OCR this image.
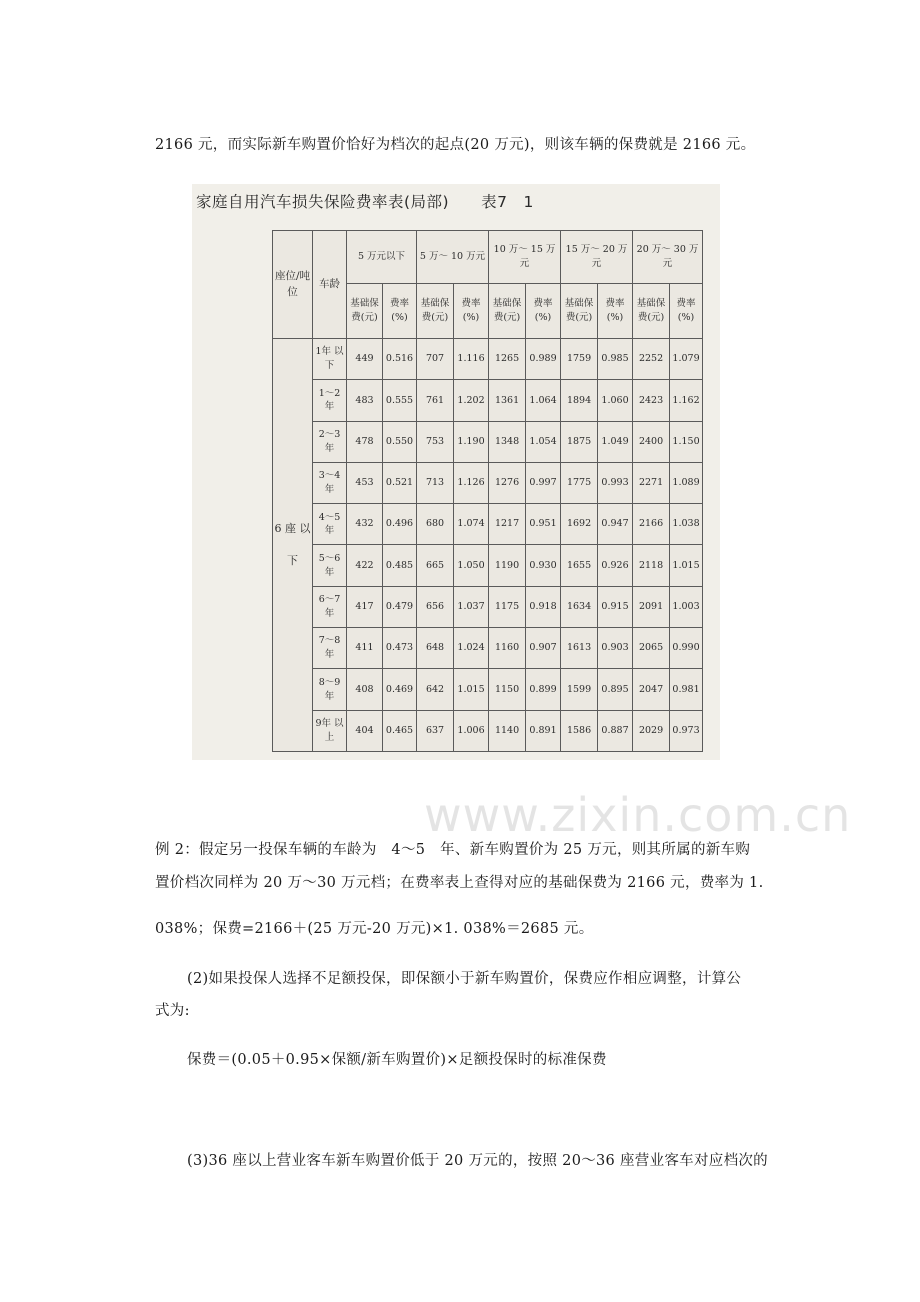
2166 元，而实际新车购置价恰好为档次的起点(20 万元)，则该车辆的保费就是 2166 元。
家庭自用汽车损失保险费率表(局部) 表7　1
座位/吨位	车龄	5 万元以下		5 万～ 10 万元		10 万～ 15 万元		15 万～ 20 万元		20 万～ 30 万元	
		基础保 费(元)	费率 (%)	基础保 费(元)	费率 (%)	基础保 费(元)	费率 (%)	基础保 费(元)	费率 (%)	基础保 费(元)	费率 (%)
6 座 以 下	1年 以下	449	0.516	707	1.116	1265	0.989	1759	0.985	2252	1.079
	1～2 年	483	0.555	761	1.202	1361	1.064	1894	1.060	2423	1.162
	2～3 年	478	0.550	753	1.190	1348	1.054	1875	1.049	2400	1.150
	3～4 年	453	0.521	713	1.126	1276	0.997	1775	0.993	2271	1.089
	4～5 年	432	0.496	680	1.074	1217	0.951	1692	0.947	2166	1.038
	5～6 年	422	0.485	665	1.050	1190	0.930	1655	0.926	2118	1.015
	6～7 年	417	0.479	656	1.037	1175	0.918	1634	0.915	2091	1.003
	7～8 年	411	0.473	648	1.024	1160	0.907	1613	0.903	2065	0.990
	8～9 年	408	0.469	642	1.015	1150	0.899	1599	0.895	2047	0.981
	9年 以上	404	0.465	637	1.006	1140	0.891	1586	0.887	2029	0.973
www.zixin.com.cn
例 2：假定另一投保车辆的车龄为　4～5　年、新车购置价为 25 万元，则其所属的新车购
置价档次同样为 20 万～30 万元档；在费率表上查得对应的基础保费为 2166 元，费率为 1.
038%；保费=2166＋(25 万元-20 万元)×1. 038%＝2685 元。
(2)如果投保人选择不足额投保，即保额小于新车购置价，保费应作相应调整，计算公
式为:
保费＝(0.05＋0.95×保额/新车购置价)×足额投保时的标准保费
(3)36 座以上营业客车新车购置价低于 20 万元的，按照 20～36 座营业客车对应档次的
